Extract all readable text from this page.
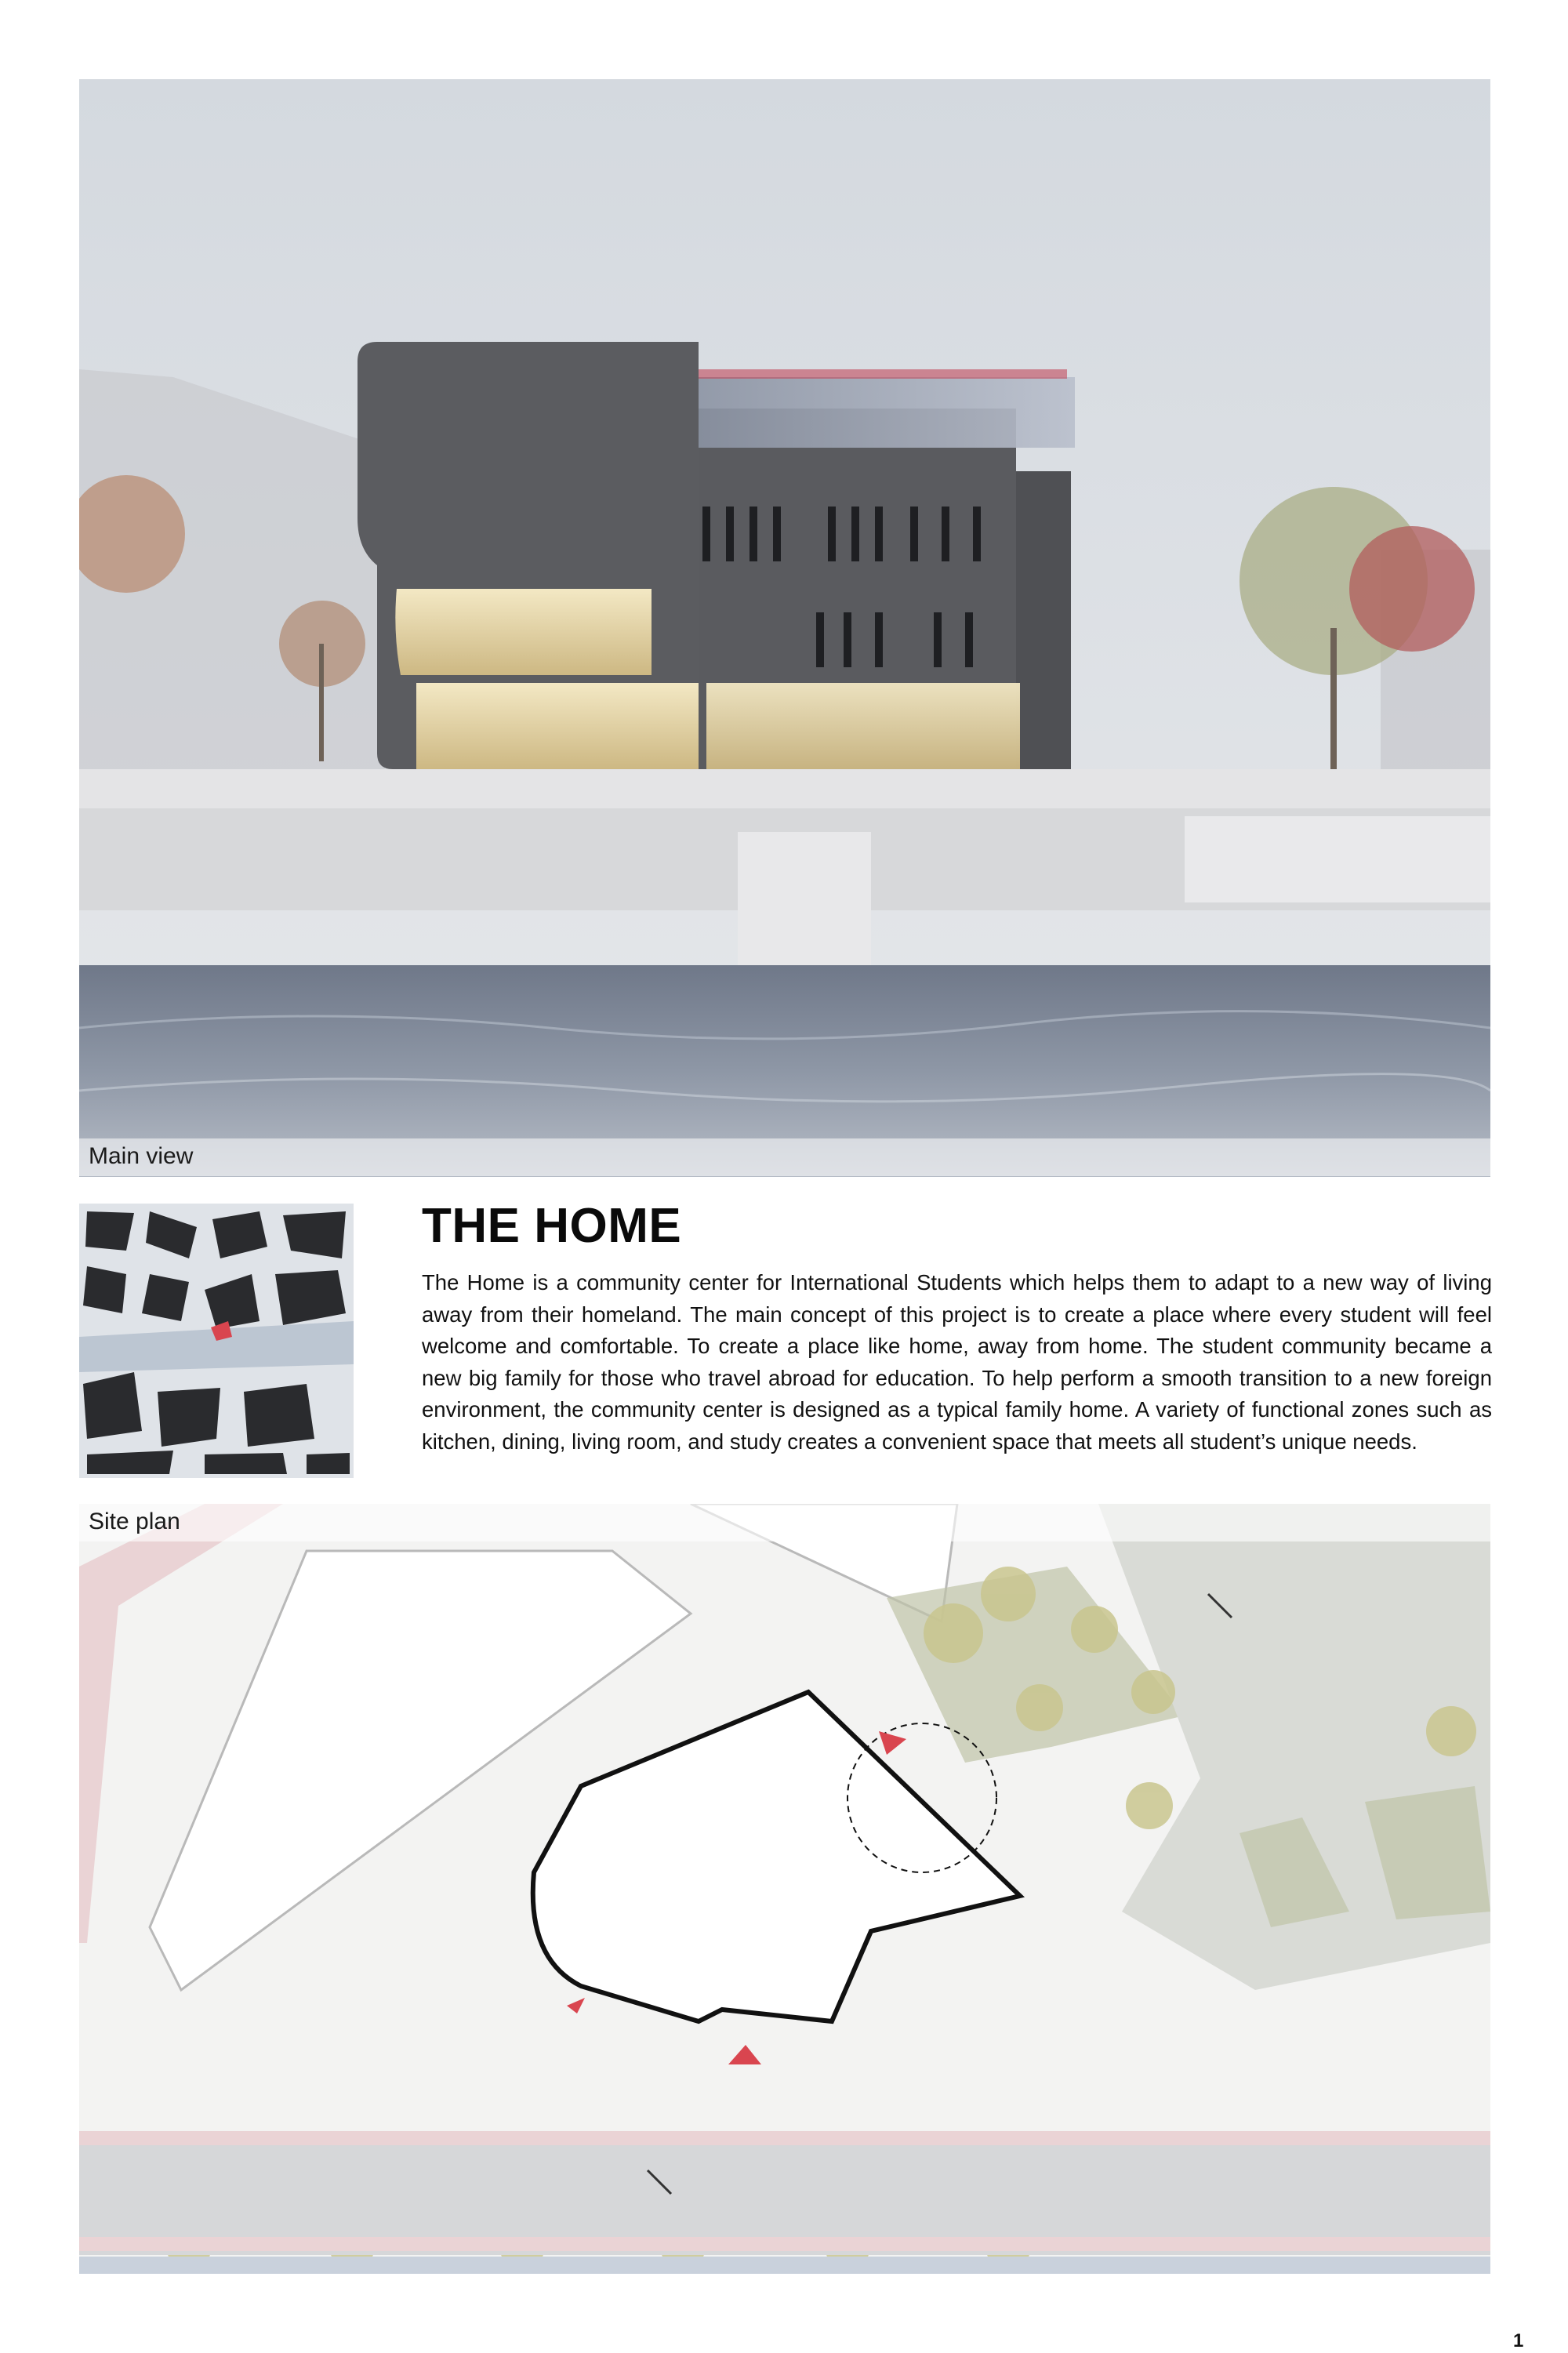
Main view
THE HOME

The Home is a community center for International Students which helps them to adapt to a new way of living away from their homeland. The main concept of this project is to create a place where every student will feel welcome and comfortable. To create a place like home, away from home. The student community became a new big family for those who travel abroad for education. To help perform a smooth transition to a new foreign environment, the community center is designed as a typical family home. A variety of functional zones such as kitchen, dining, living room, and study creates a convenient space that meets all student’s unique needs.

Site plan
1
